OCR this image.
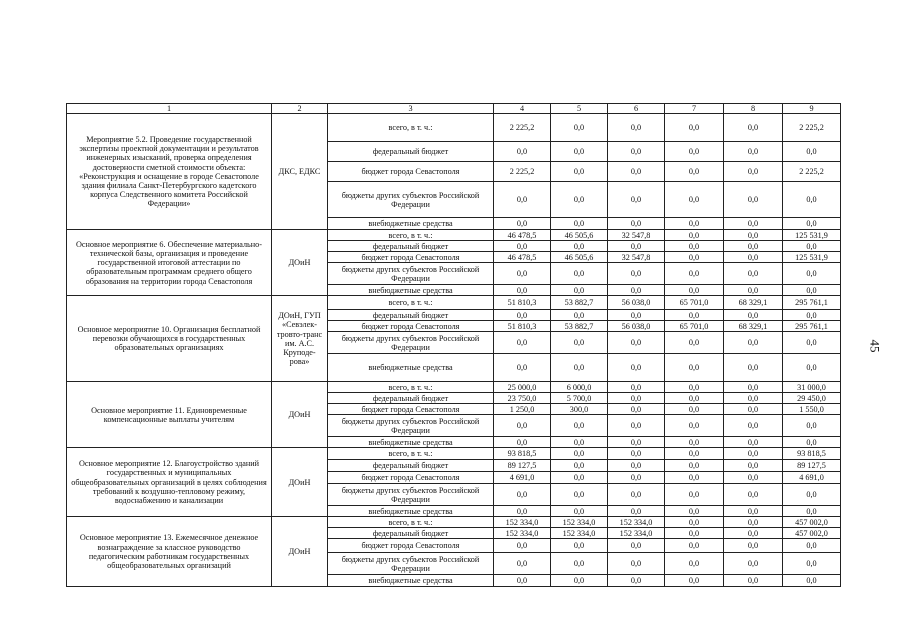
45
1	2	3	4	5	6	7	8	9
Мероприятие 5.2. Проведение государственной экспертизы проектной документации и результатов инженерных изысканий, проверка определения достоверности сметной стоимости объекта: «Реконструкция и оснащение в городе Севастополе здания филиала Санкт-Петербургского кадетского корпуса Следственного комитета Российской Федерации»	ДКС, ЕДКС	всего, в т. ч.:	2 225,2	0,0	0,0	0,0	0,0	2 225,2
		федеральный бюджет	0,0	0,0	0,0	0,0	0,0	0,0
		бюджет города Севастополя	2 225,2	0,0	0,0	0,0	0,0	2 225,2
		бюджеты других субъектов Российской Федерации	0,0	0,0	0,0	0,0	0,0	0,0
		внебюджетные средства	0,0	0,0	0,0	0,0	0,0	0,0
Основное мероприятие 6. Обеспечение материально-технической базы, организация и проведение государственной итоговой аттестации по образовательным программам среднего общего образования на территории города Севастополя	ДОиН	всего, в т. ч.:	46 478,5	46 505,6	32 547,8	0,0	0,0	125 531,9
		федеральный бюджет	0,0	0,0	0,0	0,0	0,0	0,0
		бюджет города Севастополя	46 478,5	46 505,6	32 547,8	0,0	0,0	125 531,9
		бюджеты других субъектов Российской Федерации	0,0	0,0	0,0	0,0	0,0	0,0
		внебюджетные средства	0,0	0,0	0,0	0,0	0,0	0,0
Основное мероприятие 10. Организация бесплатной перевозки обучающихся в государственных образовательных организациях	ДОиН, ГУП «Севэлек-тровто-транс им. А.С. Круподе-рова»	всего, в т. ч.:	51 810,3	53 882,7	56 038,0	65 701,0	68 329,1	295 761,1
		федеральный бюджет	0,0	0,0	0,0	0,0	0,0	0,0
		бюджет города Севастополя	51 810,3	53 882,7	56 038,0	65 701,0	68 329,1	295 761,1
		бюджеты других субъектов Российской Федерации	0,0	0,0	0,0	0,0	0,0	0,0
		внебюджетные средства	0,0	0,0	0,0	0,0	0,0	0,0
Основное мероприятие 11. Единовременные компенсационные выплаты учителям	ДОиН	всего, в т. ч.:	25 000,0	6 000,0	0,0	0,0	0,0	31 000,0
		федеральный бюджет	23 750,0	5 700,0	0,0	0,0	0,0	29 450,0
		бюджет города Севастополя	1 250,0	300,0	0,0	0,0	0,0	1 550,0
		бюджеты других субъектов Российской Федерации	0,0	0,0	0,0	0,0	0,0	0,0
		внебюджетные средства	0,0	0,0	0,0	0,0	0,0	0,0
Основное мероприятие 12. Благоустройство зданий государственных и муниципальных общеобразовательных организаций в целях соблюдения требований к воздушно-тепловому режиму, водоснабжению и канализации	ДОиН	всего, в т. ч.:	93 818,5	0,0	0,0	0,0	0,0	93 818,5
		федеральный бюджет	89 127,5	0,0	0,0	0,0	0,0	89 127,5
		бюджет города Севастополя	4 691,0	0,0	0,0	0,0	0,0	4 691,0
		бюджеты других субъектов Российской Федерации	0,0	0,0	0,0	0,0	0,0	0,0
		внебюджетные средства	0,0	0,0	0,0	0,0	0,0	0,0
Основное мероприятие 13. Ежемесячное денежное вознаграждение за классное руководство педагогическим работникам государственных общеобразовательных организаций	ДОиН	всего, в т. ч.:	152 334,0	152 334,0	152 334,0	0,0	0,0	457 002,0
		федеральный бюджет	152 334,0	152 334,0	152 334,0	0,0	0,0	457 002,0
		бюджет города Севастополя	0,0	0,0	0,0	0,0	0,0	0,0
		бюджеты других субъектов Российской Федерации	0,0	0,0	0,0	0,0	0,0	0,0
		внебюджетные средства	0,0	0,0	0,0	0,0	0,0	0,0
